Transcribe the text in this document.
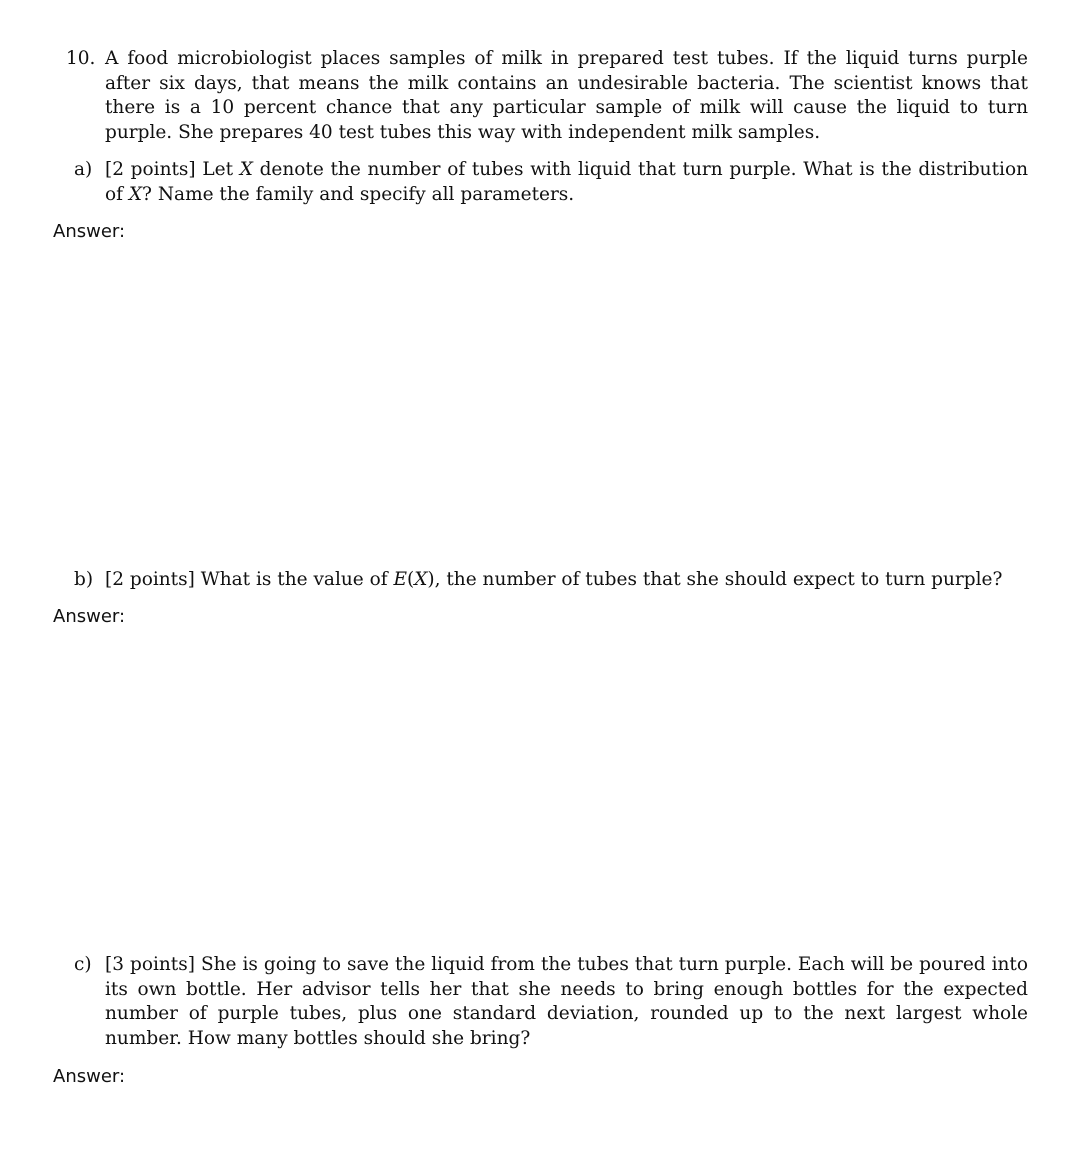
10. A food microbiologist places samples of milk in prepared test tubes. If the liquid turns purple after six days, that means the milk contains an undesirable bacteria. The scientist knows that there is a 10 percent chance that any particular sample of milk will cause the liquid to turn purple. She prepares 40 test tubes this way with independent milk samples.
a) [2 points] Let X denote the number of tubes with liquid that turn purple. What is the distribution of X? Name the family and specify all parameters.
Answer:
b) [2 points] What is the value of E(X), the number of tubes that she should expect to turn purple?
Answer:
c) [3 points] She is going to save the liquid from the tubes that turn purple. Each will be poured into its own bottle. Her advisor tells her that she needs to bring enough bottles for the expected number of purple tubes, plus one standard deviation, rounded up to the next largest whole number. How many bottles should she bring?
Answer:
